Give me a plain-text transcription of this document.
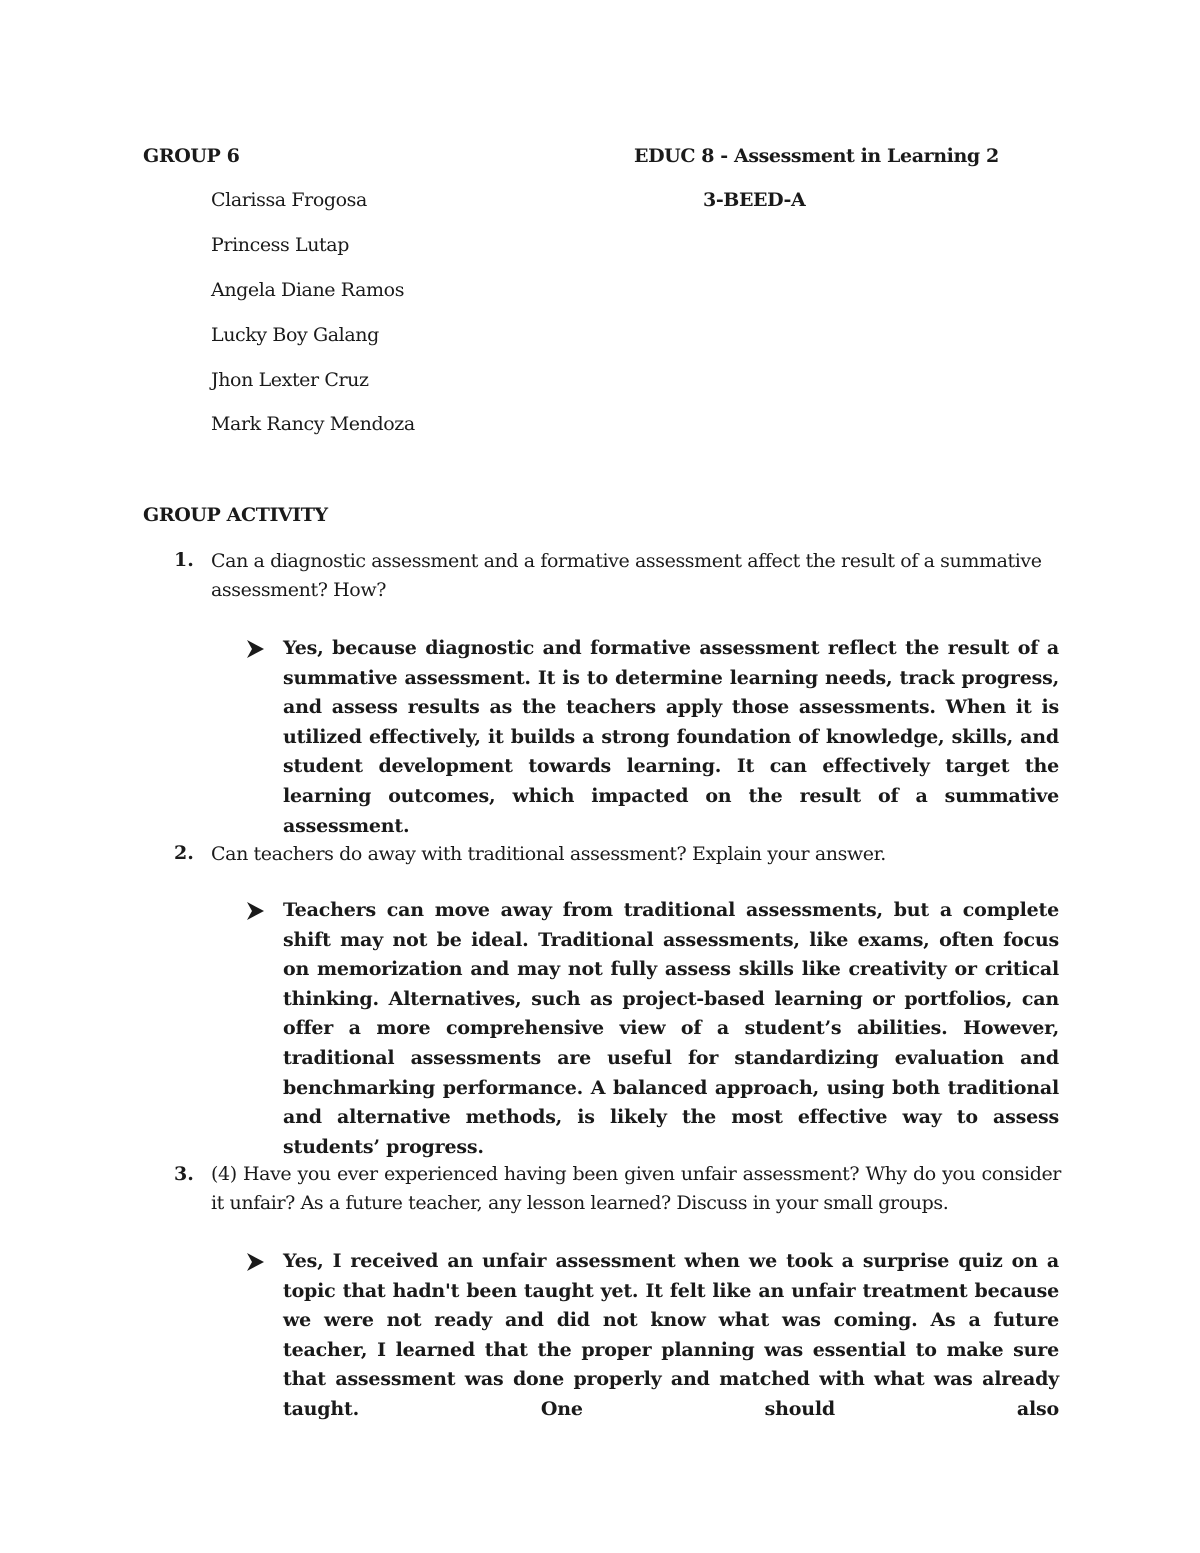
GROUP 6	EDUC 8 - Assessment in Learning 2
3-BEED-A
Clarissa Frogosa
Princess Lutap
Angela Diane Ramos
Lucky Boy Galang
Jhon Lexter Cruz
Mark Rancy Mendoza
GROUP ACTIVITY
1. Can a diagnostic assessment and a formative assessment affect the result of a summative assessment? How?
Yes, because diagnostic and formative assessment reflect the result of a summative assessment. It is to determine learning needs, track progress, and assess results as the teachers apply those assessments. When it is utilized effectively, it builds a strong foundation of knowledge, skills, and student development towards learning. It can effectively target the learning outcomes, which impacted on the result of a summative assessment.
2. Can teachers do away with traditional assessment? Explain your answer.
Teachers can move away from traditional assessments, but a complete shift may not be ideal. Traditional assessments, like exams, often focus on memorization and may not fully assess skills like creativity or critical thinking. Alternatives, such as project-based learning or portfolios, can offer a more comprehensive view of a student’s abilities. However, traditional assessments are useful for standardizing evaluation and benchmarking performance. A balanced approach, using both traditional and alternative methods, is likely the most effective way to assess students’ progress.
3. (4) Have you ever experienced having been given unfair assessment? Why do you consider it unfair? As a future teacher, any lesson learned? Discuss in your small groups.
Yes, I received an unfair assessment when we took a surprise quiz on a topic that hadn't been taught yet. It felt like an unfair treatment because we were not ready and did not know what was coming. As a future teacher, I learned that the proper planning was essential to make sure that assessment was done properly and matched with what was already taught. One should also
